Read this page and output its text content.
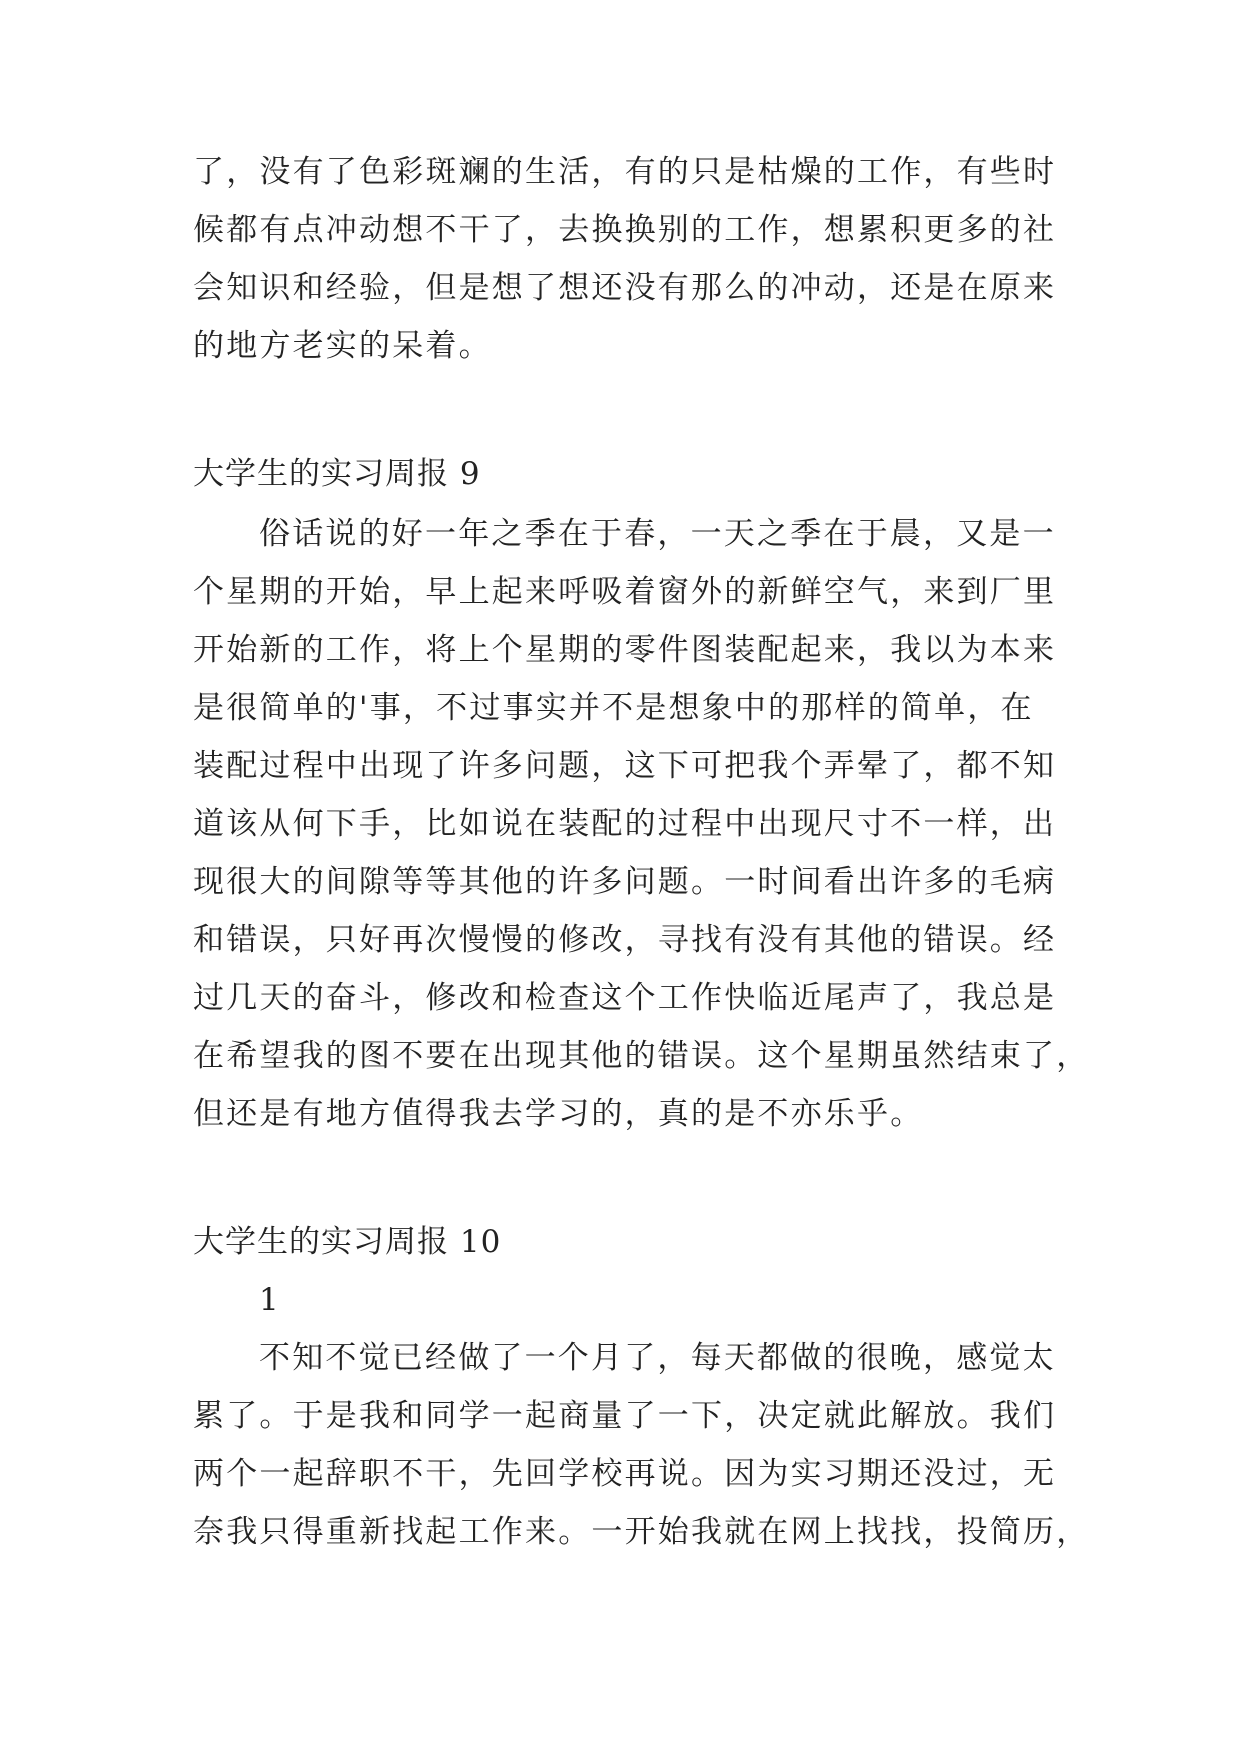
了，没有了色彩斑斓的生活，有的只是枯燥的工作，有些时
候都有点冲动想不干了，去换换别的工作，想累积更多的社
会知识和经验，但是想了想还没有那么的冲动，还是在原来
的地方老实的呆着。
大学生的实习周报 9
俗话说的好一年之季在于春，一天之季在于晨，又是一
个星期的开始，早上起来呼吸着窗外的新鲜空气，来到厂里
开始新的工作，将上个星期的零件图装配起来，我以为本来
是很简单的'事，不过事实并不是想象中的那样的简单，在
装配过程中出现了许多问题，这下可把我个弄晕了，都不知
道该从何下手，比如说在装配的过程中出现尺寸不一样，出
现很大的间隙等等其他的许多问题。一时间看出许多的毛病
和错误，只好再次慢慢的修改，寻找有没有其他的错误。经
过几天的奋斗，修改和检查这个工作快临近尾声了，我总是
在希望我的图不要在出现其他的错误。这个星期虽然结束了，
但还是有地方值得我去学习的，真的是不亦乐乎。
大学生的实习周报 10
1
不知不觉已经做了一个月了，每天都做的很晚，感觉太
累了。于是我和同学一起商量了一下，决定就此解放。我们
两个一起辞职不干，先回学校再说。因为实习期还没过，无
奈我只得重新找起工作来。一开始我就在网上找找，投简历，
